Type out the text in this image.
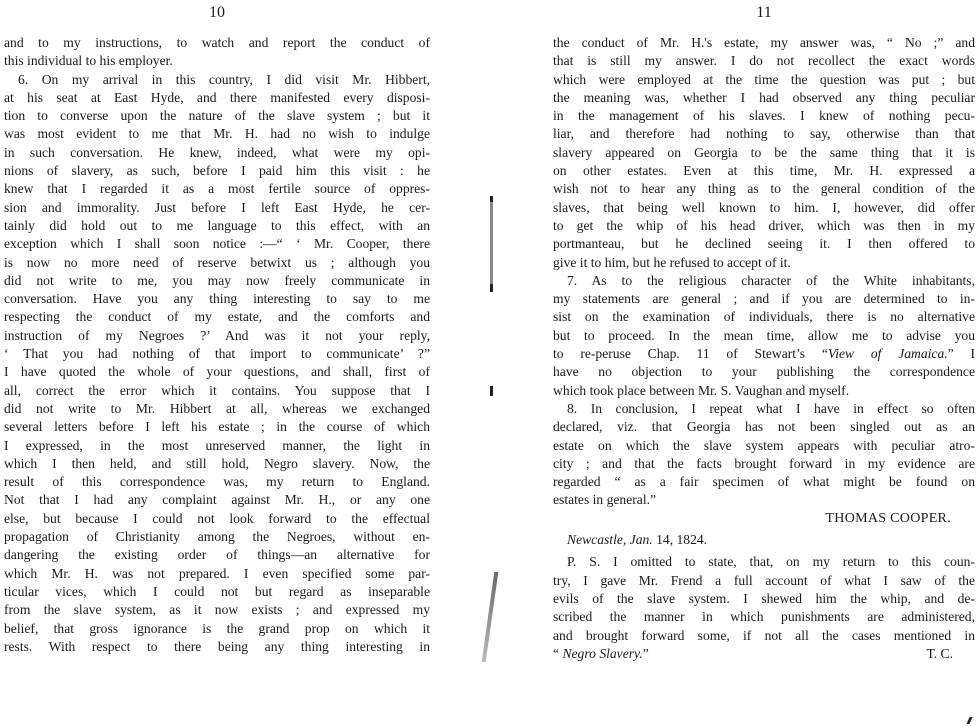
10
and to my instructions, to watch and report the conduct of
this individual to his employer.
6. On my arrival in this country, I did visit Mr. Hibbert,
at his seat at East Hyde, and there manifested every disposi-
tion to converse upon the nature of the slave system ; but it
was most evident to me that Mr. H. had no wish to indulge
in such conversation. He knew, indeed, what were my opi-
nions of slavery, as such, before I paid him this visit : he
knew that I regarded it as a most fertile source of oppres-
sion and immorality. Just before I left East Hyde, he cer-
tainly did hold out to me language to this effect, with an
exception which I shall soon notice :—“ ‘ Mr. Cooper, there
is now no more need of reserve betwixt us ; although you
did not write to me, you may now freely communicate in
conversation. Have you any thing interesting to say to me
respecting the conduct of my estate, and the comforts and
instruction of my Negroes ?’ And was it not your reply,
‘ That you had nothing of that import to communicate’ ?”
I have quoted the whole of your questions, and shall, first of
all, correct the error which it contains. You suppose that I
did not write to Mr. Hibbert at all, whereas we exchanged
several letters before I left his estate ; in the course of which
I expressed, in the most unreserved manner, the light in
which I then held, and still hold, Negro slavery. Now, the
result of this correspondence was, my return to England.
Not that I had any complaint against Mr. H., or any one
else, but because I could not look forward to the effectual
propagation of Christianity among the Negroes, without en-
dangering the existing order of things—an alternative for
which Mr. H. was not prepared. I even specified some par-
ticular vices, which I could not but regard as inseparable
from the slave system, as it now exists ; and expressed my
belief, that gross ignorance is the grand prop on which it
rests. With respect to there being any thing interesting in
11
the conduct of Mr. H.'s estate, my answer was, “ No ;” and
that is still my answer. I do not recollect the exact words
which were employed at the time the question was put ; but
the meaning was, whether I had observed any thing peculiar
in the management of his slaves. I knew of nothing pecu-
liar, and therefore had nothing to say, otherwise than that
slavery appeared on Georgia to be the same thing that it is
on other estates. Even at this time, Mr. H. expressed a
wish not to hear any thing as to the general condition of the
slaves, that being well known to him. I, however, did offer
to get the whip of his head driver, which was then in my
portmanteau, but he declined seeing it. I then offered to
give it to him, but he refused to accept of it.
7. As to the religious character of the White inhabitants,
my statements are general ; and if you are determined to in-
sist on the examination of individuals, there is no alternative
but to proceed. In the mean time, allow me to advise you
to re-peruse Chap. 11 of Stewart’s “View of Jamaica.” I
have no objection to your publishing the correspondence
which took place between Mr. S. Vaughan and myself.
8. In conclusion, I repeat what I have in effect so often
declared, viz. that Georgia has not been singled out as an
estate on which the slave system appears with peculiar atro-
city ; and that the facts brought forward in my evidence are
regarded “ as a fair specimen of what might be found on
estates in general.”
THOMAS COOPER.
Newcastle, Jan. 14, 1824.
P. S. I omitted to state, that, on my return to this coun-
try, I gave Mr. Frend a full account of what I saw of the
evils of the slave system. I shewed him the whip, and de-
scribed the manner in which punishments are administered,
and brought forward some, if not all the cases mentioned in
“ Negro Slavery.”	T. C.
